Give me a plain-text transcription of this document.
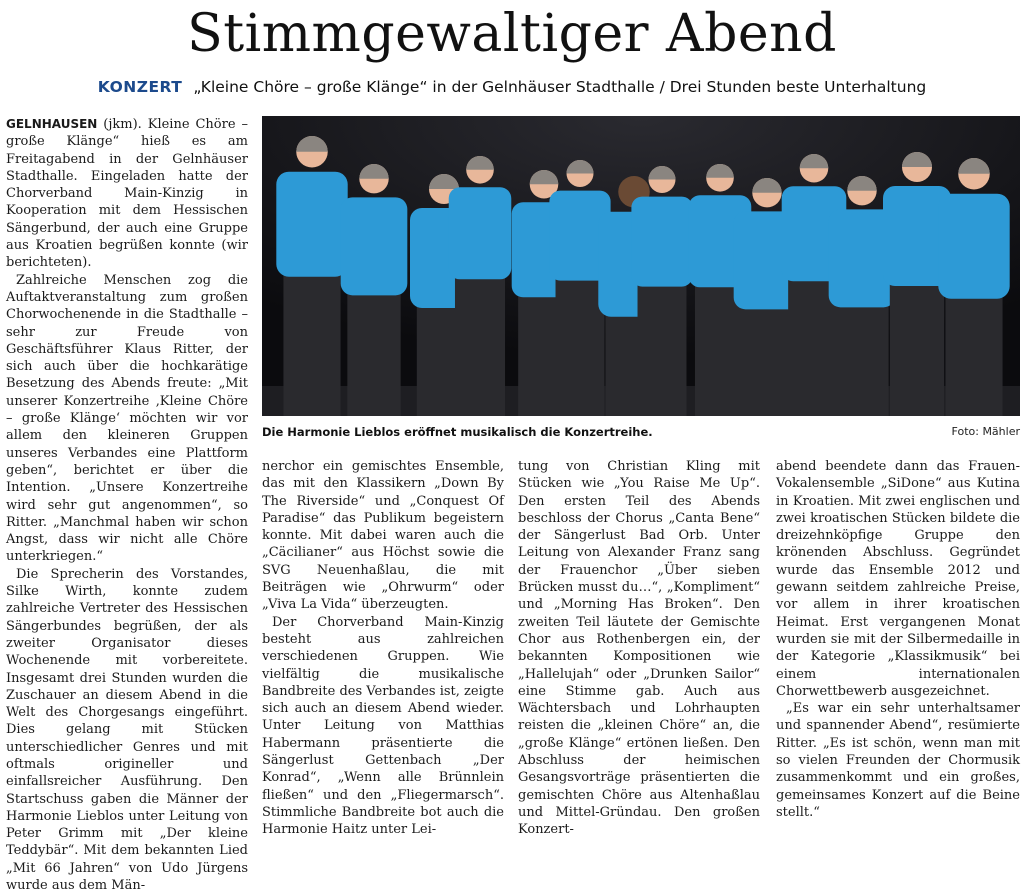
Stimmgewaltiger Abend
KONZERT „Kleine Chöre – große Klänge“ in der Gelnhäuser Stadthalle / Drei Stunden beste Unterhaltung

GELNHAUSEN (jkm). Kleine Chöre – große Klänge“ hieß es am Freitagabend in der Gelnhäuser Stadthalle. Eingeladen hatte der Chorverband Main-Kinzig in Kooperation mit dem Hessischen Sängerbund, der auch eine Gruppe aus Kroatien begrüßen konnte (wir berichteten).

Zahlreiche Menschen zog die Auftaktveranstaltung zum großen Chorwochenende in die Stadthalle – sehr zur Freude von Geschäftsführer Klaus Ritter, der sich auch über die hochkarätige Besetzung des Abends freute: „Mit unserer Konzertreihe ‚Kleine Chöre – große Klänge‘ möchten wir vor allem den kleineren Gruppen unseres Verbandes eine Plattform geben“, berichtet er über die Intention. „Unsere Konzertreihe wird sehr gut angenommen“, so Ritter. „Manchmal haben wir schon Angst, dass wir nicht alle Chöre unterkriegen.“

Die Sprecherin des Vorstandes, Silke Wirth, konnte zudem zahlreiche Vertreter des Hessischen Sängerbundes begrüßen, der als zweiter Organisator dieses Wochenende mit vorbereitete. Insgesamt drei Stunden wurden die Zuschauer an diesem Abend in die Welt des Chorgesangs eingeführt. Dies gelang mit Stücken unterschiedlicher Genres und mit oftmals origineller und einfallsreicher Ausführung. Den Startschuss gaben die Männer der Harmonie Lieblos unter Leitung von Peter Grimm mit „Der kleine Teddybär“. Mit dem bekannten Lied „Mit 66 Jahren“ von Udo Jürgens wurde aus dem Män-

Die Harmonie Lieblos eröffnet musikalisch die Konzertreihe.	Foto: Mähler

nerchor ein gemischtes Ensemble, das mit den Klassikern „Down By The Riverside“ und „Conquest Of Paradise“ das Publikum begeistern konnte. Mit dabei waren auch die „Cäcilianer“ aus Höchst sowie die SVG Neuenhaßlau, die mit Beiträgen wie „Ohrwurm“ oder „Viva La Vida“ überzeugten.

Der Chorverband Main-Kinzig besteht aus zahlreichen verschiedenen Gruppen. Wie vielfältig die musikalische Bandbreite des Verbandes ist, zeigte sich auch an diesem Abend wieder. Unter Leitung von Matthias Habermann präsentierte die Sängerlust Gettenbach „Der Konrad“, „Wenn alle Brünnlein fließen“ und den „Fliegermarsch“. Stimmliche Bandbreite bot auch die Harmonie Haitz unter Lei-

tung von Christian Kling mit Stücken wie „You Raise Me Up“. Den ersten Teil des Abends beschloss der Chorus „Canta Bene“ der Sängerlust Bad Orb. Unter Leitung von Alexander Franz sang der Frauenchor „Über sieben Brücken musst du…“, „Kompliment“ und „Morning Has Broken“. Den zweiten Teil läutete der Gemischte Chor aus Rothenbergen ein, der bekannten Kompositionen wie „Hallelujah“ oder „Drunken Sailor“ eine Stimme gab. Auch aus Wächtersbach und Lohrhaupten reisten die „kleinen Chöre“ an, die „große Klänge“ ertönen ließen. Den Abschluss der heimischen Gesangsvorträge präsentierten die gemischten Chöre aus Altenhaßlau und Mittel-Gründau. Den großen Konzert-

abend beendete dann das Frauen-Vokalensemble „SiDone“ aus Kutina in Kroatien. Mit zwei englischen und zwei kroatischen Stücken bildete die dreizehnköpfige Gruppe den krönenden Abschluss. Gegründet wurde das Ensemble 2012 und gewann seitdem zahlreiche Preise, vor allem in ihrer kroatischen Heimat. Erst vergangenen Monat wurden sie mit der Silbermedaille in der Kategorie „Klassikmusik“ bei einem internationalen Chorwettbewerb ausgezeichnet.

„Es war ein sehr unterhaltsamer und spannender Abend“, resümierte Ritter. „Es ist schön, wenn man mit so vielen Freunden der Chormusik zusammenkommt und ein großes, gemeinsames Konzert auf die Beine stellt.“
